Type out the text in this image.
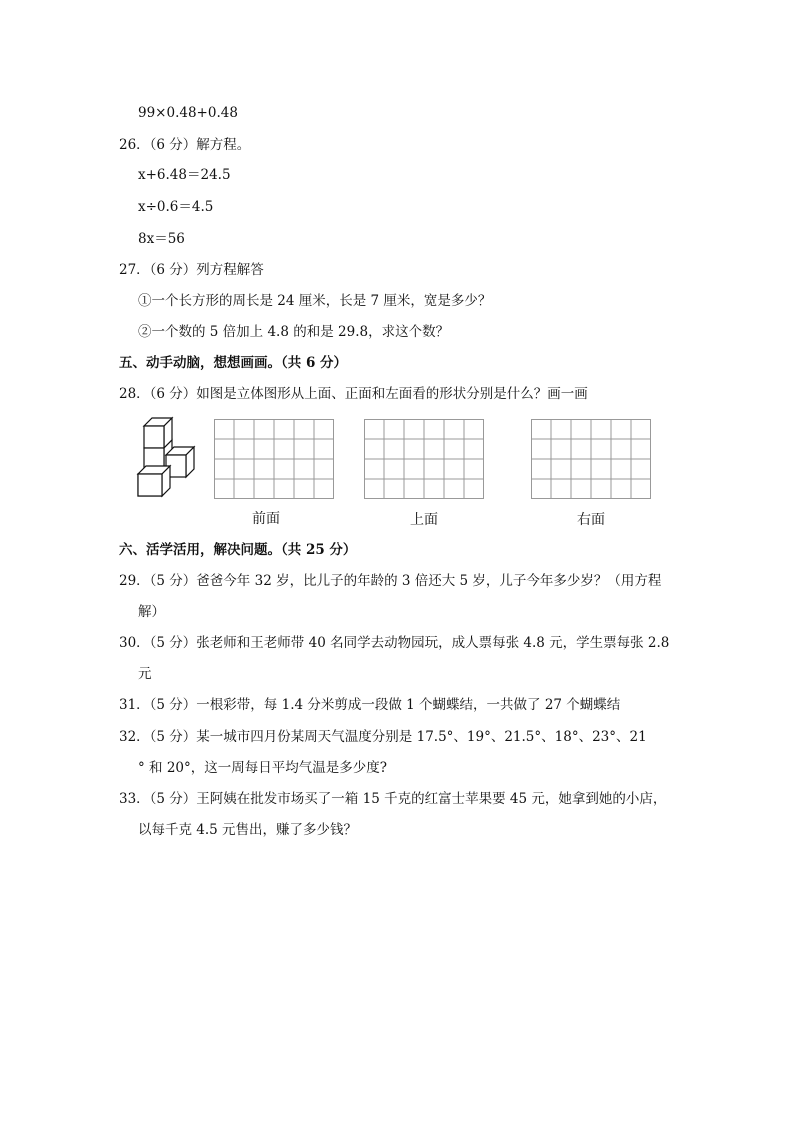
99×0.48+0.48
26．（6 分）解方程。
x+6.48＝24.5
x÷0.6＝4.5
8x＝56
27．（6 分）列方程解答
①一个长方形的周长是 24 厘米，长是 7 厘米，宽是多少？
②一个数的 5 倍加上 4.8 的和是 29.8，求这个数？
五、动手动脑，想想画画。（共 6 分）
28．（6 分）如图是立体图形从上面、正面和左面看的形状分别是什么？画一画
前面	上面	右面
六、活学活用，解决问题。（共 25 分）
29．（5 分）爸爸今年 32 岁，比儿子的年龄的 3 倍还大 5 岁，儿子今年多少岁？（用方程
解）
30．（5 分）张老师和王老师带 40 名同学去动物园玩，成人票每张 4.8 元，学生票每张 2.8
元
31．（5 分）一根彩带，每 1.4 分米剪成一段做 1 个蝴蝶结，一共做了 27 个蝴蝶结
32．（5 分）某一城市四月份某周天气温度分别是 17.5°、19°、21.5°、18°、23°、21
° 和 20°，这一周每日平均气温是多少度?
33．（5 分）王阿姨在批发市场买了一箱 15 千克的红富士苹果要 45 元，她拿到她的小店，
以每千克 4.5 元售出，赚了多少钱？
